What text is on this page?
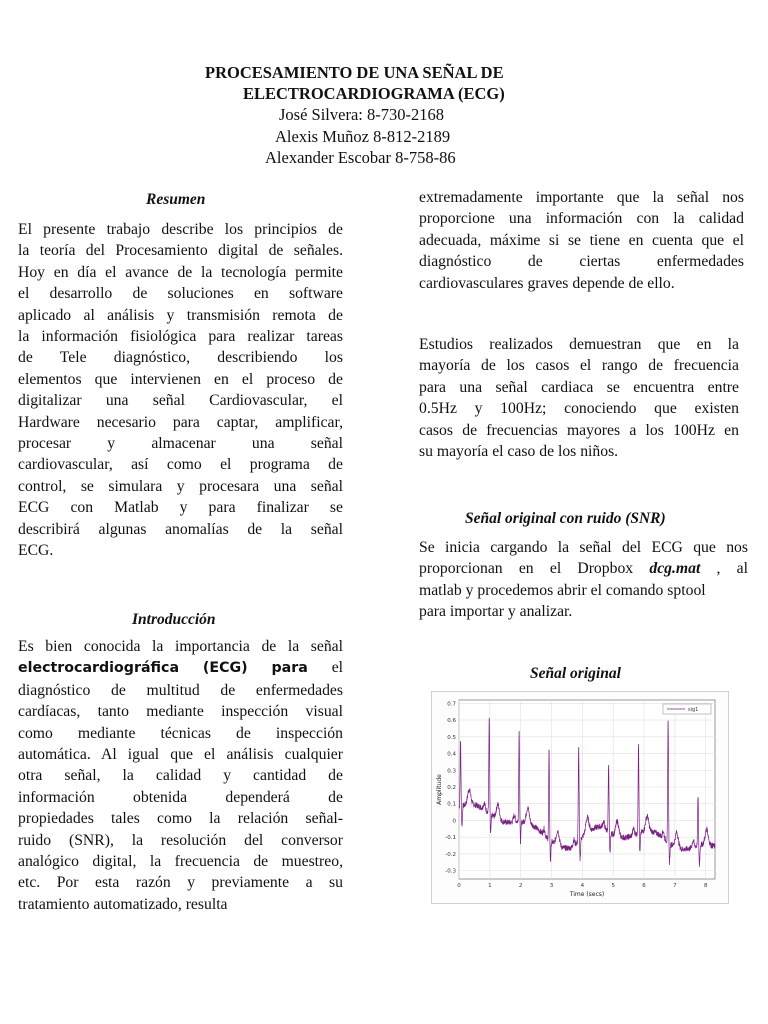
PROCESAMIENTO DE UNA SEÑAL DE
ELECTROCARDIOGRAMA (ECG)
José Silvera: 8-730-2168
Alexis Muñoz 8-812-2189
Alexander Escobar 8-758-86
Resumen
El presente trabajo describe los principios de
la teoría del Procesamiento digital de señales.
Hoy en día el avance de la tecnología permite
el desarrollo de soluciones en software
aplicado al análisis y transmisión remota de
la información fisiológica para realizar tareas
de Tele diagnóstico, describiendo los
elementos que intervienen en el proceso de
digitalizar una señal Cardiovascular, el
Hardware necesario para captar, amplificar,
procesar y almacenar una señal
cardiovascular, así como el programa de
control, se simulara y procesara una señal
ECG con Matlab y para finalizar se
describirá algunas anomalías de la señal
ECG.
Introducción
Es bien conocida la importancia de la señal
electrocardiográfica (ECG) para el
diagnóstico de multitud de enfermedades
cardíacas, tanto mediante inspección visual
como mediante técnicas de inspección
automática. Al igual que el análisis cualquier
otra señal, la calidad y cantidad de
información obtenida dependerá de
propiedades tales como la relación señal-
ruido (SNR), la resolución del conversor
analógico digital, la frecuencia de muestreo,
etc. Por esta razón y previamente a su
tratamiento automatizado, resulta
extremadamente importante que la señal nos
proporcione una información con la calidad
adecuada, máxime si se tiene en cuenta que el
diagnóstico de ciertas enfermedades
cardiovasculares graves depende de ello.
Estudios realizados demuestran que en la
mayoría de los casos el rango de frecuencia
para una señal cardiaca se encuentra entre
0.5Hz y 100Hz; conociendo que existen
casos de frecuencias mayores a los 100Hz en
su mayoría el caso de los niños.
Señal original con ruido (SNR)
Se inicia cargando la señal del ECG que nos
proporcionan en el Dropbox dcg.mat , al
matlab y procedemos abrir el comando sptool
para importar y analizar.
Señal original
0.7
0.6
0.5
0.4
0.3
0.2
0.1
0
-0.1
-0.2
-0.3
0	1	2	3	4	5	6	7	8
Time (secs)
Amplitude
sig1
